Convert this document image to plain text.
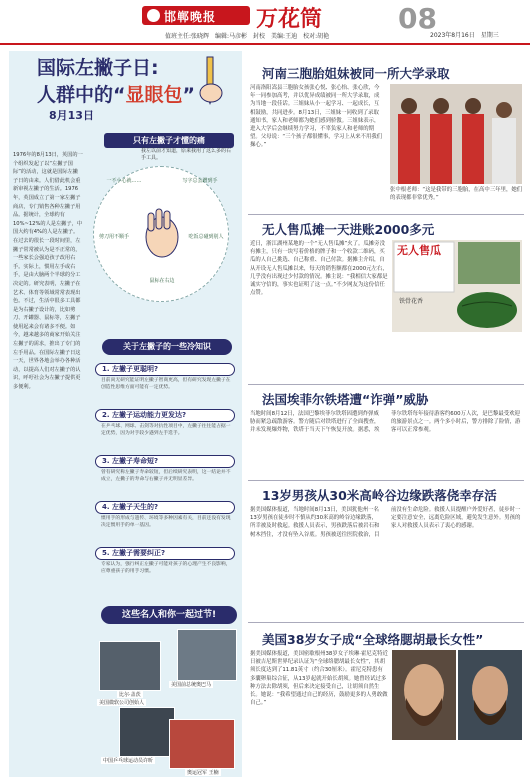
邯郸晚报 万花筒	08
值班主任:张晓辉　编辑:马彦彬　封校　美编:王迪　校对:胡艳	2023年8月16日　星期三
国际左撇子日:
人群中的“显眼包”
8月13日
只有左撇子才懂的痛
我左以前才知道，原来我用了这么多的右手工具。
1976年的8月13日，英国的一个组织发起了以“左撇子国际”的活动，这就是国际左撇子日的由来。人们借此机会重新审视左撇子的生活。1976年，英国成立了第一家左撇子商店，专门销售各种左撇子用品。据统计，全球约有10%~12%的人是左撇子，中国大约有4%的人是左撇子。在过去的很长一段时间里，左撇子常常被认为是不正常的，一些家长会强迫孩子改用右手。实际上，惯用左手或右手，是由大脑两个半球的分工决定的。研究表明，左撇子在艺术、体育等领域常常表现出色。不过，生活中很多工具都是为右撇子设计的，比如剪刀、开罐器、鼠标等，左撇子使用起来会有诸多不便。如今，越来越多的商家开始关注左撇子的需求，推出了专门的左手用品。在国际左撇子日这一天，世界各地会举办各种活动，以提高人们对左撇子的认识，呼吁社会为左撇子提供更多便利。
一不小心就……	写字总会蹭到手
剪刀用不顺手	吃饭总碰到别人
鼠标在右边
关于左撇子的一些冷知识
1. 左撇子更聪明?
目前尚无研究能证明左撇子智商更高，但有研究发现左撇子在创造性思维方面可能有一定优势。
2. 左撇子运动能力更发达?
在乒乓球、网球、击剑等对抗性项目中，左撇子往往能占据一定优势，因为对手较少遇到左手选手。
3. 左撇子寿命短?
曾有研究称左撇子寿命较短，但后续研究表明，这一结论并不成立，左撇子的寿命与右撇子并无明显差异。
4. 左撇子天生的?
惯用手的形成与遗传、环境等多种因素有关，目前还没有发现决定惯用手的单一基因。
5. 左撇子需要纠正?
专家认为，强行纠正左撇子可能对孩子的心理产生不良影响，应尊重孩子的用手习惯。
这些名人和你一起过节!
美国前总统奥巴马
比尔·盖茨
美国微软公司创始人
中国乒乓球运动员许昕
奥运冠军 王楠
河南三胞胎姐妹被同一所大学录取
河南洛阳嵩县三胞胎女孩张心悦、张心怡、张心欣，今年一同参加高考，并以优异成绩被同一所大学录取，成为当地一段佳话。三姐妹从小一起学习、一起成长，互相鼓励，共同进步。8月13日，三姐妹一同收到了录取通知书，家人和老师都为她们感到骄傲。三姐妹表示，进入大学后会继续努力学习，不辜负家人和老师的期望。父母说：“三个孩子都很懂事，学习上从来不用我们操心。”
张中根老师：“这是我带的三胞胎，在高中三年里，她们的表现都非常优秀。”
无人售瓜摊一天进账2000多元
近日，浙江湖州某地的一个“无人售瓜摊”火了。瓜摊旁没有摊主，只有一块写着价格的牌子和一个收款二维码，买瓜的人自己挑选、自己称重、自己付款。据摊主介绍，自从开设无人售瓜摊以来，每天的销售额都在2000元左右，几乎没有出现过少付款的情况。摊主说：“我相信大家都是诚实守信的，事实也证明了这一点。”不少网友为这份信任点赞。
无人售瓜
铁骨花香
法国埃菲尔铁塔遭“诈弹”威胁
当地时间8月12日，法国巴黎埃菲尔铁塔因遭到炸弹威胁而紧急疏散游客。警方随后对铁塔进行了全面搜查，并未发现爆炸物，铁塔于当天下午恢复开放。据悉，埃菲尔铁塔每年接待游客约600万人次，是巴黎最受欢迎的旅游景点之一。两个多小时后，警方排除了险情，游客可以正常参观。
13岁男孩从30米高岭谷边缘跌落侥幸存活
据美国媒体报道，当地时间8月13日，美国犹他州一名13岁男孩在徒步时不慎从约30米高的岭谷边缘跌落，所幸被及时救起。救援人员表示，男孩跌落后被岩石和树木挡住，才没有坠入谷底。男孩被送往医院救治，目前没有生命危险。救援人员提醒户外爱好者，徒步时一定要注意安全，远离危险区域，避免发生意外。男孩的家人对救援人员表示了衷心的感谢。
美国38岁女子成“全球络腮胡最长女性”
据美国媒体报道，美国密歇根州38岁女子埃琳·霍尼克特近日被吉尼斯世界纪录认证为“全球络腮胡最长女性”，其胡须长度达到了11.81英寸（约合30厘米）。霍尼克特患有多囊卵巢综合征，从13岁起就开始长胡须。她曾经试过多种方法去除胡须，但后来决定接受自己，让胡须自然生长。她说：“我希望通过自己的经历，鼓励更多的人勇敢做自己。”
